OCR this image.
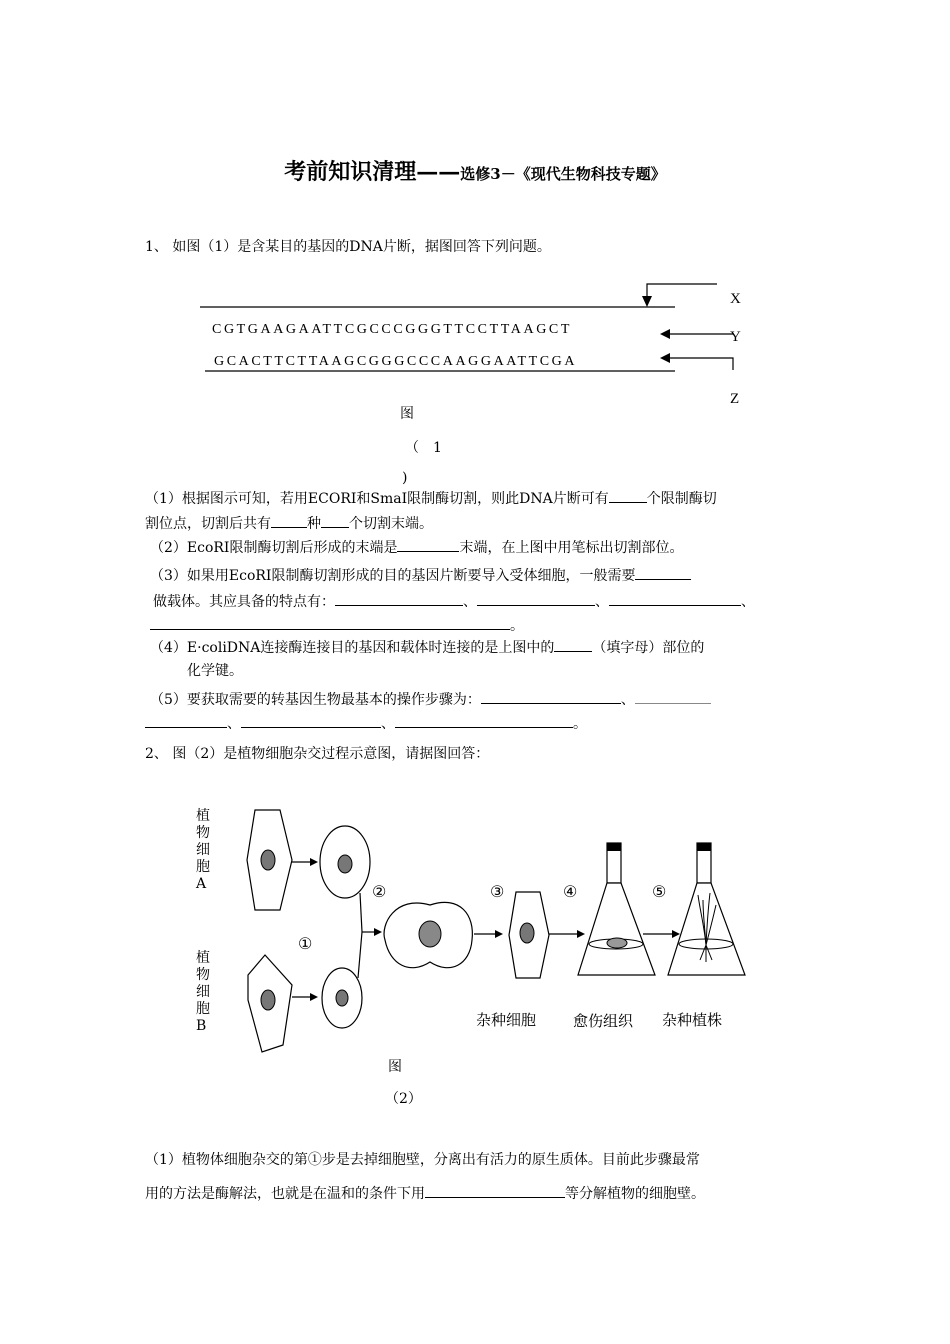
考前知识清理——选修3－《现代生物科技专题》
1、 如图（1）是含某目的基因的DNA片断，据图回答下列问题。
CGTGAAGAATTCGCCCGGGTTCCTTAAGCT
GCACTTCTTAAGCGGGCCCAAGGAATTCGA
X
Y
Z
图
（　1
)
（1）根据图示可知，若用ECORI和SmaI限制酶切割，则此DNA片断可有	个限制酶切
割位点，切割后共有	种 个切割末端。
（2）EcoRI限制酶切割后形成的末端是	末端，在上图中用笔标出切割部位。
（3）如果用EcoRI限制酶切割形成的目的基因片断要导入受体细胞，一般需要
做载体。其应具备的特点有：	、	、	、
。
（4）E·coliDNA连接酶连接目的基因和载体时连接的是上图中的	（填字母）部位的
化学键。
（5）要获取需要的转基因生物最基本的操作步骤为：	、
、	、	。
2、 图（2）是植物细胞杂交过程示意图，请据图回答：
植物细胞A
植物细胞B
①
②	③	④	⑤
杂种细胞 愈伤组织 杂种植株
图
（2）
（1）植物体细胞杂交的第①步是去掉细胞壁，分离出有活力的原生质体。目前此步骤最常
用的方法是酶解法，也就是在温和的条件下用	等分解植物的细胞壁。
